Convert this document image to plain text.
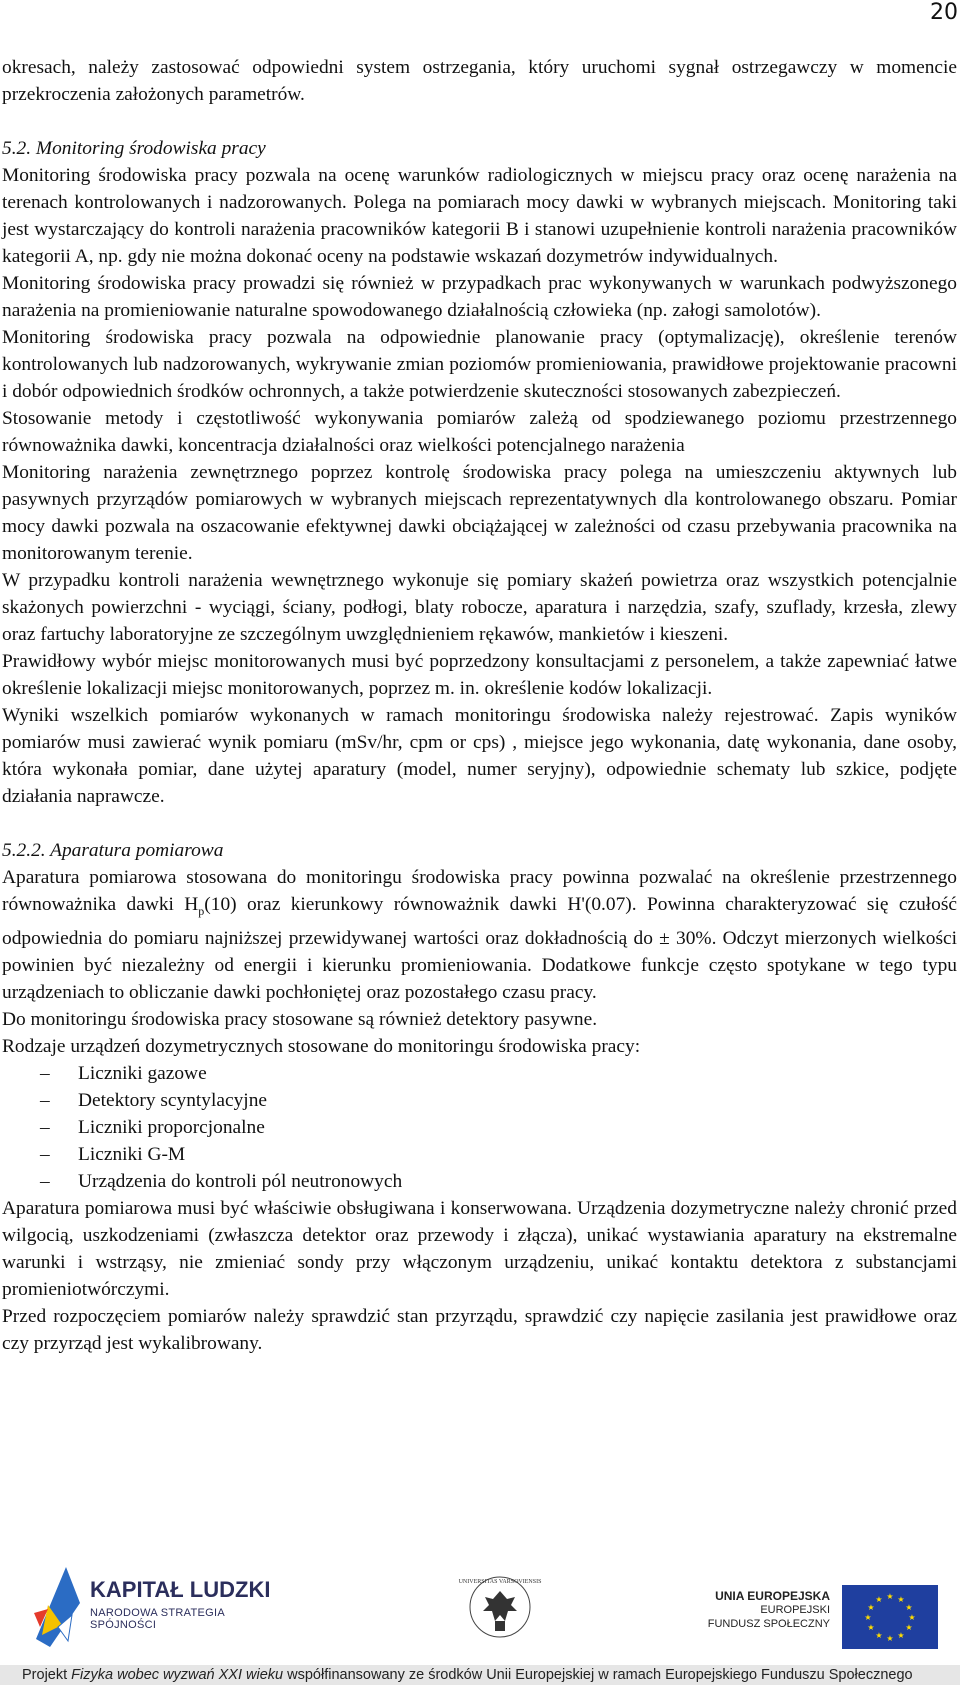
20

okresach, należy zastosować odpowiedni system ostrzegania, który uruchomi sygnał ostrzegawczy w momencie przekroczenia założonych parametrów.

5.2. Monitoring środowiska pracy

Monitoring środowiska pracy pozwala na ocenę warunków radiologicznych w miejscu pracy oraz ocenę narażenia na terenach kontrolowanych i nadzorowanych. Polega na pomiarach mocy dawki w wybranych miejscach. Monitoring taki jest wystarczający do kontroli narażenia pracowników kategorii B i stanowi uzupełnienie kontroli narażenia pracowników kategorii A, np. gdy nie można dokonać oceny na podstawie wskazań dozymetrów indywidualnych.

Monitoring środowiska pracy prowadzi się również w przypadkach prac wykonywanych w warunkach podwyższonego narażenia na promieniowanie naturalne spowodowanego działalnością człowieka (np. załogi samolotów).

Monitoring środowiska pracy pozwala na odpowiednie planowanie pracy (optymalizację), określenie terenów kontrolowanych lub nadzorowanych, wykrywanie zmian poziomów promieniowania, prawidłowe projektowanie pracowni i dobór odpowiednich środków ochronnych, a także potwierdzenie skuteczności stosowanych zabezpieczeń.

Stosowanie metody i częstotliwość wykonywania pomiarów zależą od spodziewanego poziomu przestrzennego równoważnika dawki, koncentracja działalności oraz wielkości potencjalnego narażenia

Monitoring narażenia zewnętrznego poprzez kontrolę środowiska pracy polega na umieszczeniu aktywnych lub pasywnych przyrządów pomiarowych w wybranych miejscach reprezentatywnych dla kontrolowanego obszaru. Pomiar mocy dawki pozwala na oszacowanie efektywnej dawki obciążającej w zależności od czasu przebywania pracownika na monitorowanym terenie.

W przypadku kontroli narażenia wewnętrznego wykonuje się pomiary skażeń powietrza oraz wszystkich potencjalnie skażonych powierzchni - wyciągi, ściany, podłogi, blaty robocze, aparatura i narzędzia, szafy, szuflady, krzesła, zlewy oraz fartuchy laboratoryjne ze szczególnym uwzględnieniem rękawów, mankietów i kieszeni.

Prawidłowy wybór miejsc monitorowanych musi być poprzedzony konsultacjami z personelem, a także zapewniać łatwe określenie lokalizacji miejsc monitorowanych, poprzez m. in. określenie kodów lokalizacji.

Wyniki wszelkich pomiarów wykonanych w ramach monitoringu środowiska należy rejestrować. Zapis wyników pomiarów musi zawierać wynik pomiaru (mSv/hr, cpm or cps) , miejsce jego wykonania, datę wykonania, dane osoby, która wykonała pomiar, dane użytej aparatury (model, numer seryjny), odpowiednie schematy lub szkice, podjęte działania naprawcze.

5.2.2. Aparatura pomiarowa

Aparatura pomiarowa stosowana do monitoringu środowiska pracy powinna pozwalać na określenie przestrzennego równoważnika dawki $H_p(10)$ oraz kierunkowy równoważnik dawki H'(0.07). Powinna charakteryzować się czułość odpowiednia do pomiaru najniższej przewidywanej wartości oraz dokładnością do ± 30%. Odczyt mierzonych wielkości powinien być niezależny od energii i kierunku promieniowania. Dodatkowe funkcje często spotykane w tego typu urządzeniach to obliczanie dawki pochłoniętej oraz pozostałego czasu pracy.

Do monitoringu środowiska pracy stosowane są również detektory pasywne.

Rodzaje urządzeń dozymetrycznych stosowane do monitoringu środowiska pracy:

– Liczniki gazowe
– Detektory scyntylacyjne
– Liczniki proporcjonalne
– Liczniki G-M
– Urządzenia do kontroli pól neutronowych

Aparatura pomiarowa musi być właściwie obsługiwana i konserwowana. Urządzenia dozymetryczne należy chronić przed wilgocią, uszkodzeniami (zwłaszcza detektor oraz przewody i złącza), unikać wystawiania aparatury na ekstremalne warunki i wstrząsy, nie zmieniać sondy przy włączonym urządzeniu, unikać kontaktu detektora z substancjami promieniotwórczymi.

Przed rozpoczęciem pomiarów należy sprawdzić stan przyrządu, sprawdzić czy napięcie zasilania jest prawidłowe oraz czy przyrząd jest wykalibrowany.

KAPITAŁ LUDZKI
NARODOWA STRATEGIA SPÓJNOŚCI
UNIVERSITAS VARSOVIENSIS
UNIA EUROPEJSKA
EUROPEJSKI
FUNDUSZ SPOŁECZNY
★ ★
★
★
★
★
★
★
★
★
★
★
Projekt Fizyka wobec wyzwań XXI wieku współfinansowany ze środków Unii Europejskiej w ramach Europejskiego Funduszu Społecznego
